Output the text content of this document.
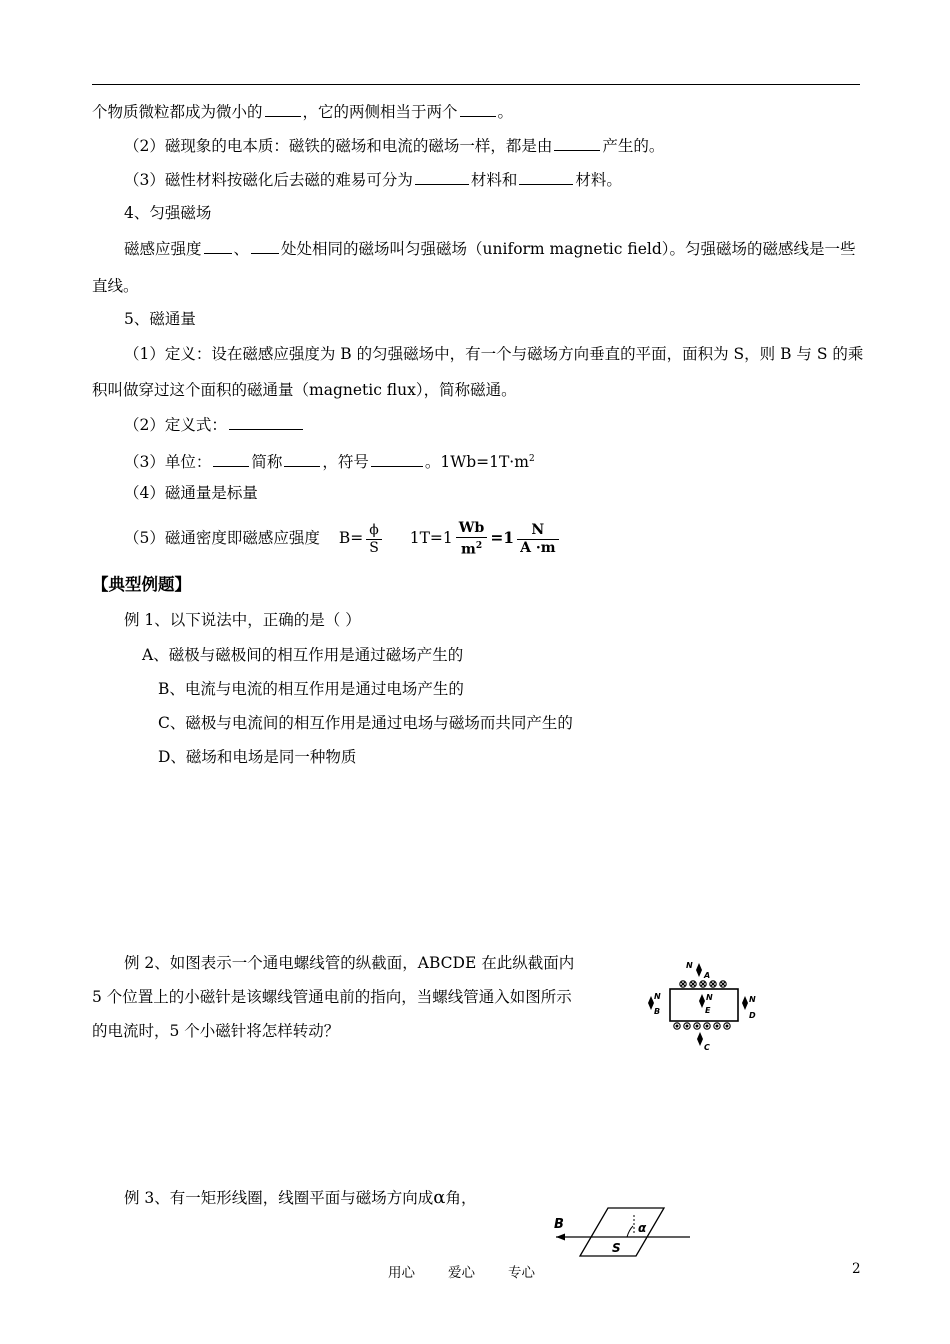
个物质微粒都成为微小的	，它的两侧相当于两个	。
（2）磁现象的电本质：磁铁的磁场和电流的磁场一样，都是由	产生的。
（3）磁性材料按磁化后去磁的难易可分为	材料和	材料。
4、匀强磁场
磁感应强度 、 处处相同的磁场叫匀强磁场（uniform magnetic field）。匀强磁场的磁感线是一些
直线。
5、磁通量
（1）定义：设在磁感应强度为 B 的匀强磁场中，有一个与磁场方向垂直的平面，面积为 S，则 B 与 S 的乘
积叫做穿过这个面积的磁通量（magnetic flux），简称磁通。
（2）定义式：
（3）单位：	简称	，符号	。$1Wb=1T\cdot m^2$
（4）磁通量是标量
（5）磁通密度即磁感应强度 $B= \frac{\phi}{S} 1T=1 \frac{Wb}{m^2} =1 \frac{N}{A \cdot m}$
【典型例题】
例 1、以下说法中，正确的是（ ）
A、磁极与磁极间的相互作用是通过磁场产生的
B、电流与电流的相互作用是通过电场产生的
C、磁极与电流间的相互作用是通过电场与磁场而共同产生的
D、磁场和电场是同一种物质
例 2、如图表示一个通电螺线管的纵截面，ABCDE 在此纵截面内
5 个位置上的小磁针是该螺线管通电前的指向，当螺线管通入如图所示
的电流时，5 个小磁针将怎样转动？
N
A
N
B
C
N
D
N
E
例 3、有一矩形线圈，线圈平面与磁场方向成α角，
B	α
S
用心 爱心 专心	2
